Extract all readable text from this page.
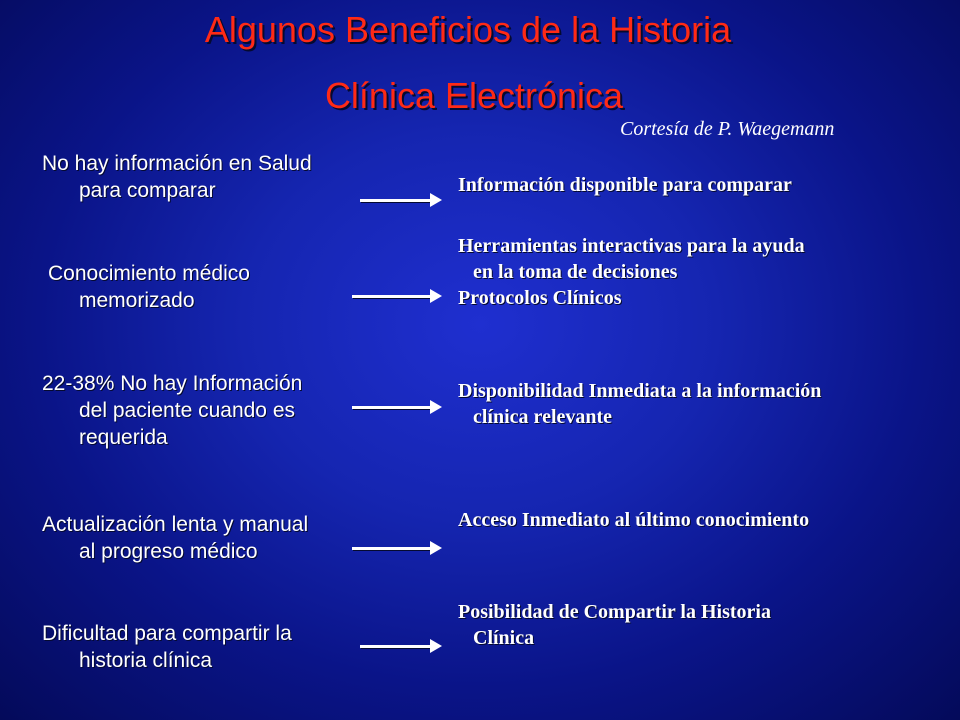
Algunos Beneficios de la Historia
Clínica Electrónica
Cortesía de P. Waegemann
No hay información en Salud
para comparar	Información disponible para comparar
Conocimiento médico
memorizado
Herramientas interactivas para la ayuda
en la toma de decisiones
Protocolos Clínicos
22-38% No hay Información
del paciente cuando es
requerida
Disponibilidad Inmediata a la información
clínica relevante
Actualización lenta y manual
al progreso médico
Acceso Inmediato al último conocimiento
Dificultad para compartir la
historia clínica
Posibilidad de Compartir la Historia
Clínica
